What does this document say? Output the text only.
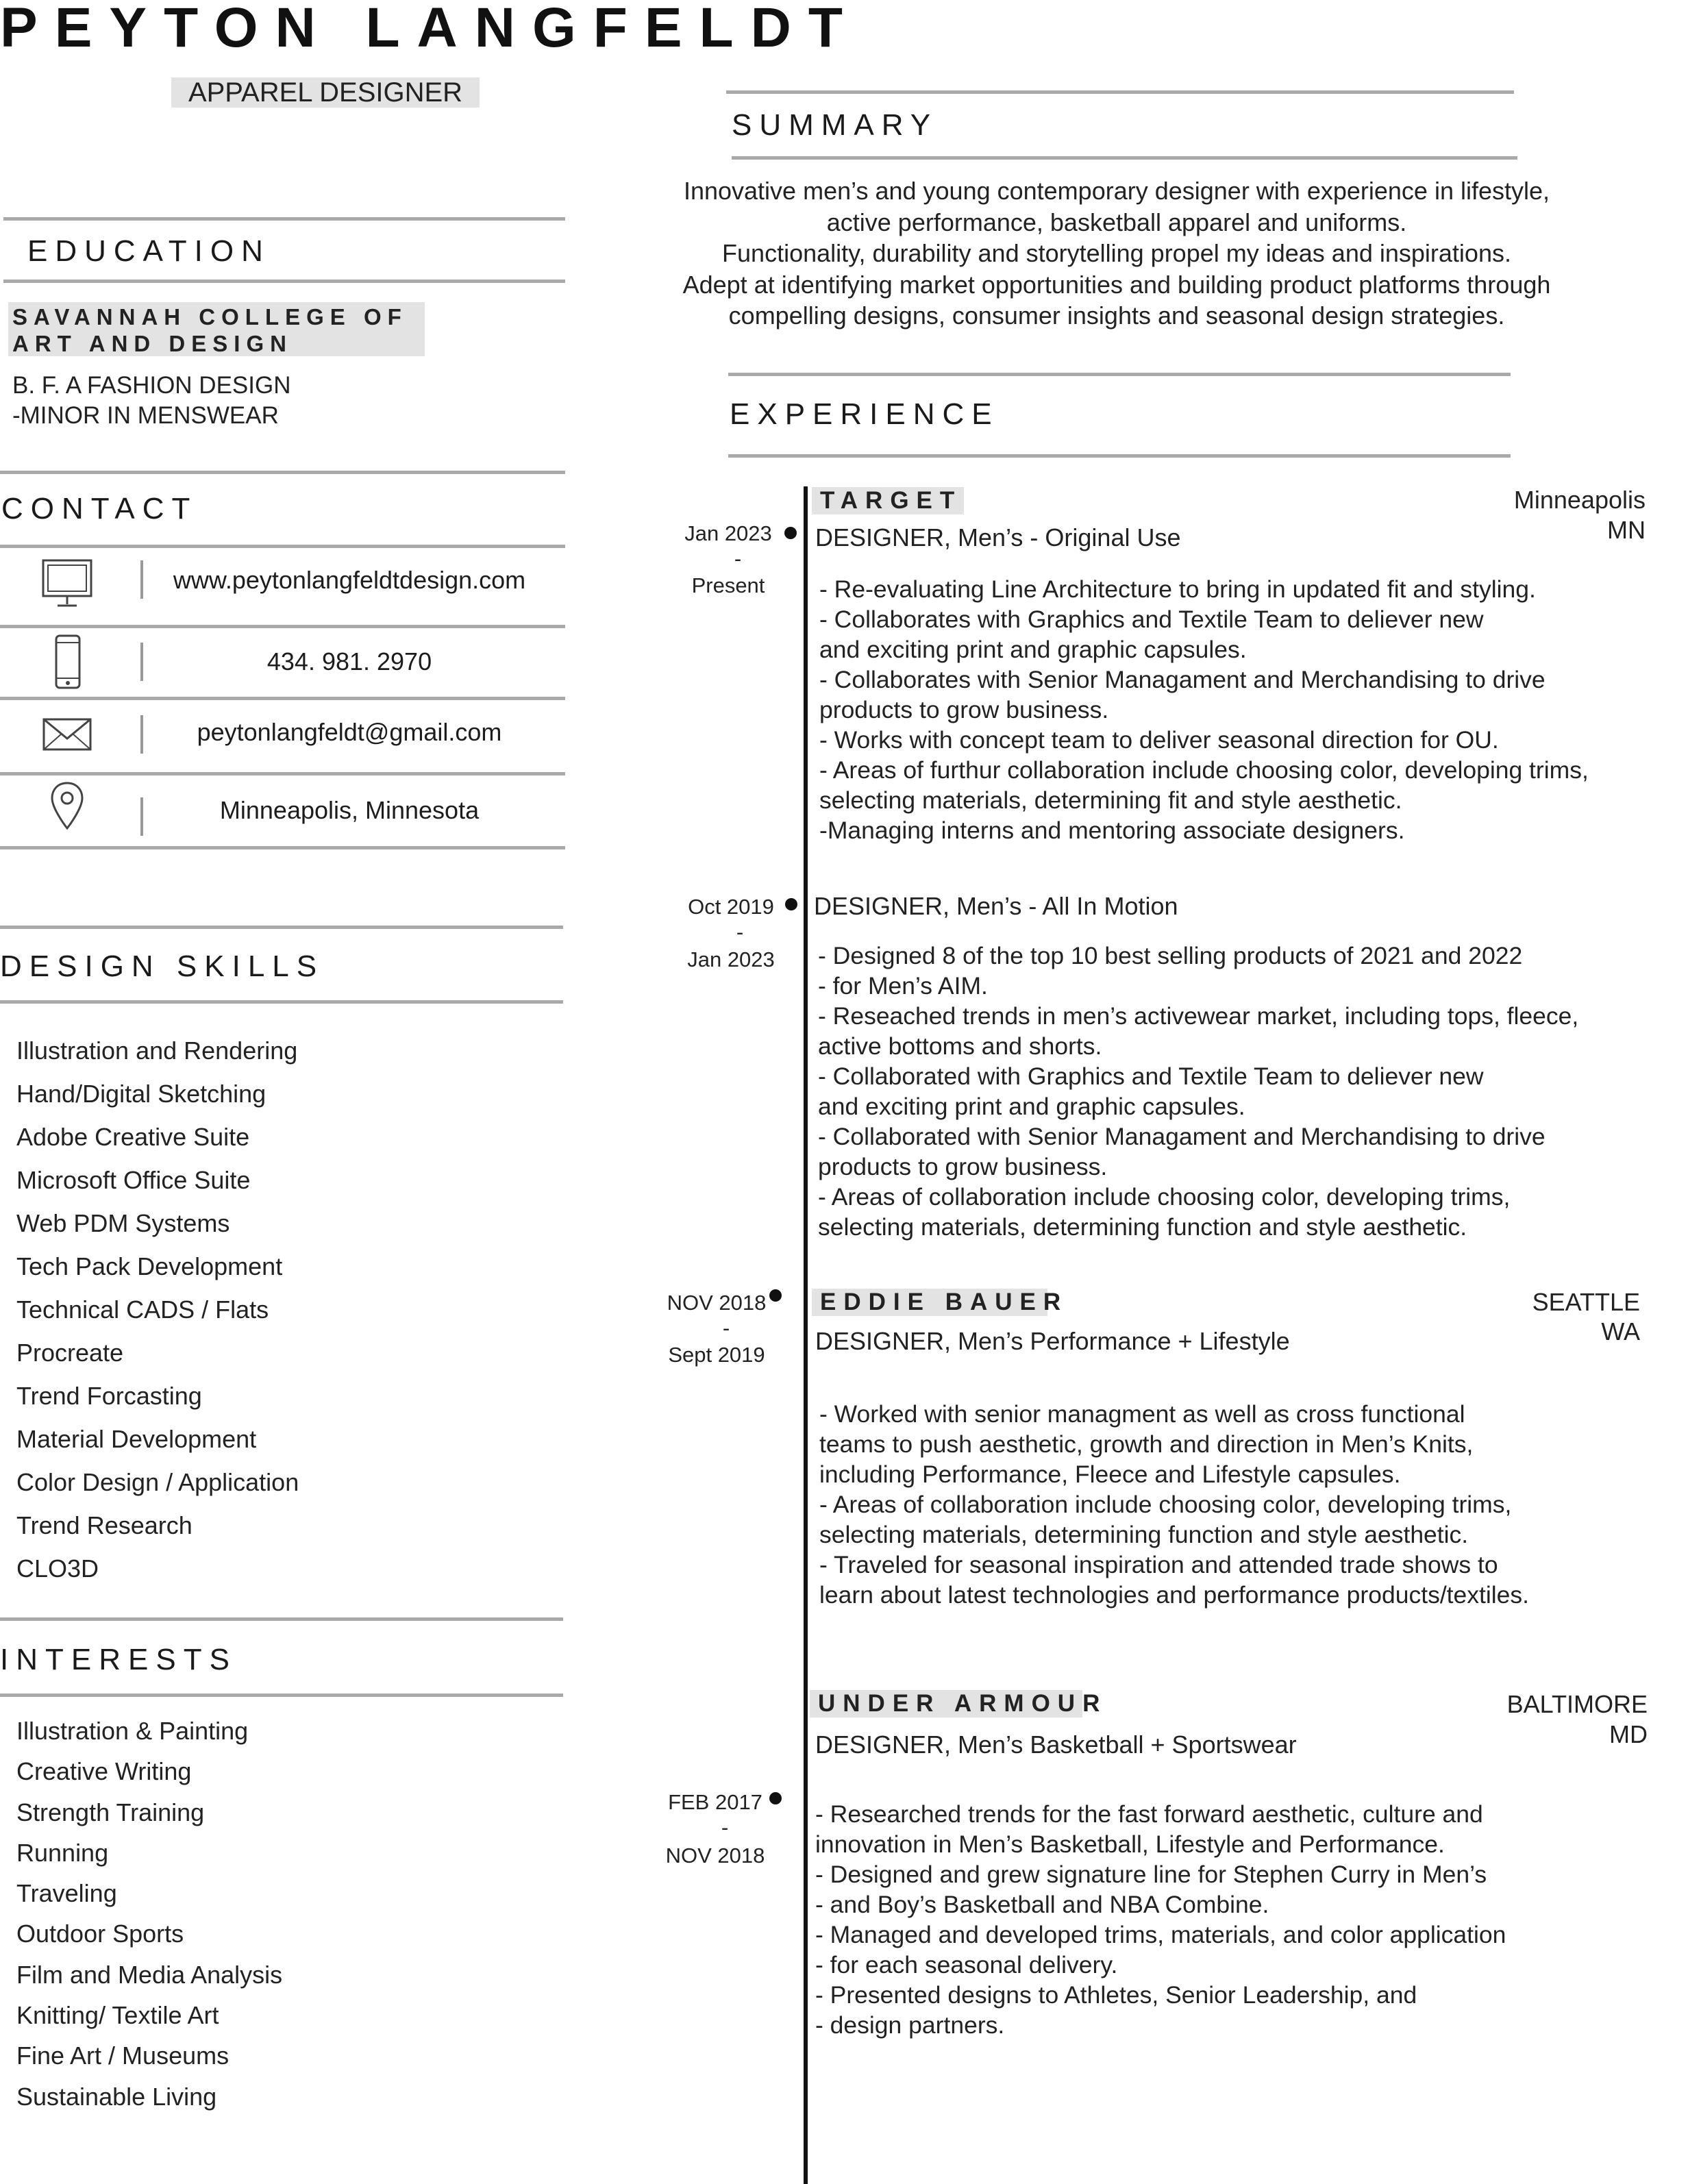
PEYTON LANGFELDT
APPAREL DESIGNER
SUMMARY
Innovative men’s and young contemporary designer with experience in lifestyle,
active performance, basketball apparel and uniforms.
Functionality, durability and storytelling propel my ideas and inspirations.
Adept at identifying market opportunities and building product platforms through
compelling designs, consumer insights and seasonal design strategies.
EDUCATION
SAVANNAH COLLEGE OF
ART AND DESIGN
B. F. A FASHION DESIGN
-MINOR IN MENSWEAR
CONTACT
www.peytonlangfeldtdesign.com
434. 981. 2970
peytonlangfeldt@gmail.com
Minneapolis, Minnesota
DESIGN SKILLS
Illustration and Rendering
Hand/Digital Sketching
Adobe Creative Suite
Microsoft Office Suite
Web PDM Systems
Tech Pack Development
Technical CADS / Flats
Procreate
Trend Forcasting
Material Development
Color Design / Application
Trend Research
CLO3D
INTERESTS
Illustration & Painting
Creative Writing
Strength Training
Running
Traveling
Outdoor Sports
Film and Media Analysis
Knitting/ Textile Art
Fine Art / Museums
Sustainable Living
EXPERIENCE
TARGET	Minneapolis
MN
Jan 2023
-
Present
DESIGNER, Men’s - Original Use
- Re-evaluating Line Architecture to bring in updated fit and styling.
- Collaborates with Graphics and Textile Team to deliever new
and exciting print and graphic capsules.
- Collaborates with Senior Managament and Merchandising to drive
products to grow business.
- Works with concept team to deliver seasonal direction for OU.
- Areas of furthur collaboration include choosing color, developing trims,
selecting materials, determining fit and style aesthetic.
-Managing interns and mentoring associate designers.
Oct 2019
-
Jan 2023
DESIGNER, Men’s - All In Motion
- Designed 8 of the top 10 best selling products of 2021 and 2022
- for Men’s AIM.
- Reseached trends in men’s activewear market, including tops, fleece,
active bottoms and shorts.
- Collaborated with Graphics and Textile Team to deliever new
and exciting print and graphic capsules.
- Collaborated with Senior Managament and Merchandising to drive
products to grow business.
- Areas of collaboration include choosing color, developing trims,
selecting materials, determining function and style aesthetic.
EDDIE BAUER	SEATTLE
WA
NOV 2018
-
Sept 2019 DESIGNER, Men’s Performance + Lifestyle
- Worked with senior managment as well as cross functional
teams to push aesthetic, growth and direction in Men’s Knits,
including Performance, Fleece and Lifestyle capsules.
- Areas of collaboration include choosing color, developing trims,
selecting materials, determining function and style aesthetic.
- Traveled for seasonal inspiration and attended trade shows to
learn about latest technologies and performance products/textiles.
UNDER ARMOUR	BALTIMORE
MD
FEB 2017
-
NOV 2018
DESIGNER, Men’s Basketball + Sportswear
- Researched trends for the fast forward aesthetic, culture and
innovation in Men’s Basketball, Lifestyle and Performance.
- Designed and grew signature line for Stephen Curry in Men’s
- and Boy’s Basketball and NBA Combine.
- Managed and developed trims, materials, and color application
- for each seasonal delivery.
- Presented designs to Athletes, Senior Leadership, and
- design partners.
